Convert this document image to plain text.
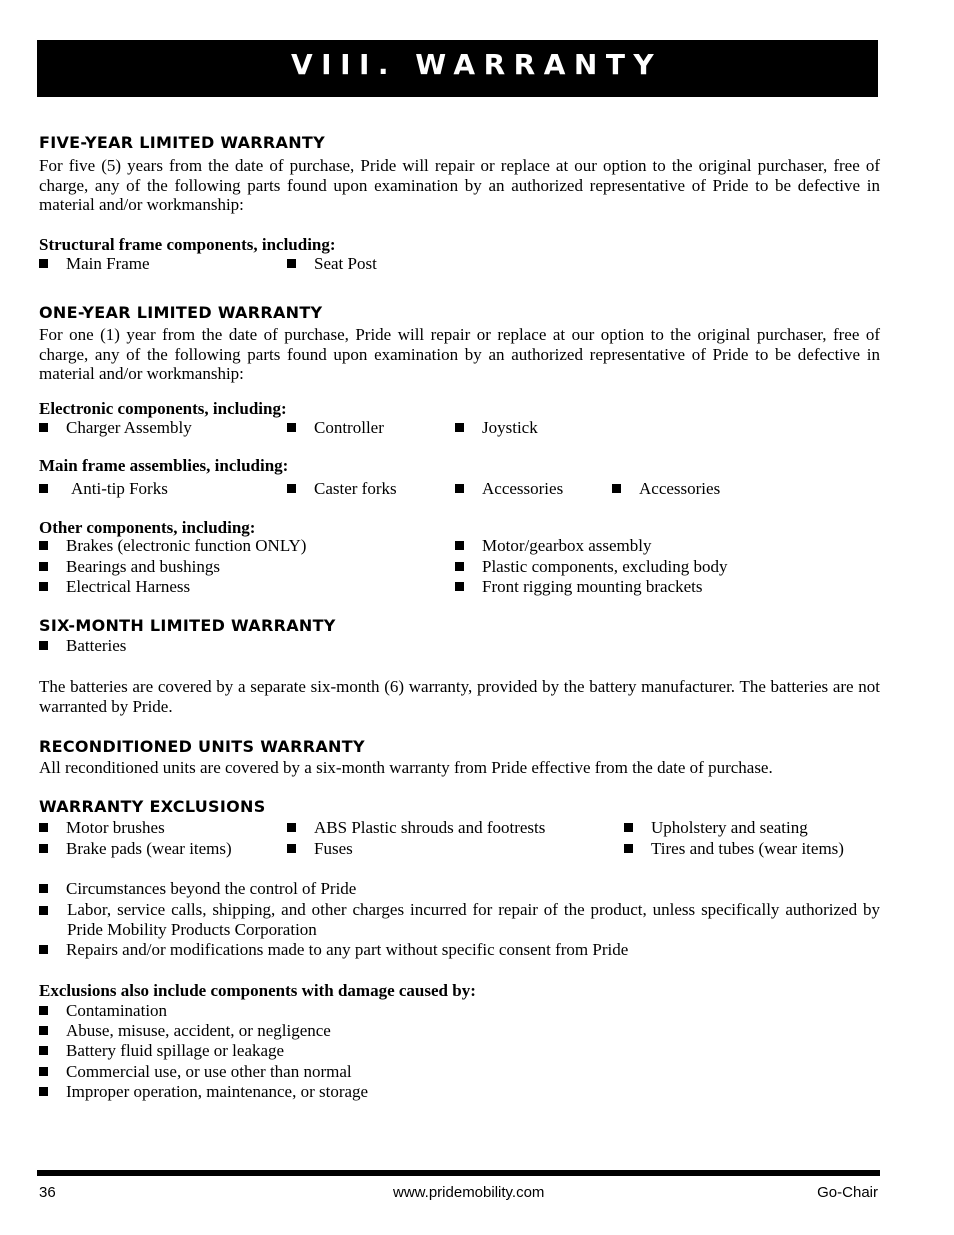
VIII. WARRANTY
FIVE-YEAR LIMITED WARRANTY
For five (5) years from the date of purchase, Pride will repair or replace at our option to the original purchaser, free of charge, any of the following parts found upon examination by an authorized representative of Pride to be defective in material and/or workmanship:
Structural frame components, including:
Main Frame	Seat Post
ONE-YEAR LIMITED WARRANTY
For one (1) year from the date of purchase, Pride will repair or replace at our option to the original purchaser, free of charge, any of the following parts found upon examination by an authorized representative of Pride to be defective in material and/or workmanship:
Electronic components, including:
Charger Assembly	Controller	Joystick
Main frame assemblies, including:
Anti-tip Forks	Caster forks	Accessories	Accessories
Other components, including:
Brakes (electronic function ONLY)
Bearings and bushings
Electrical Harness
Motor/gearbox assembly
Plastic components, excluding body
Front rigging mounting brackets
SIX-MONTH LIMITED WARRANTY
Batteries
The batteries are covered by a separate six-month (6) warranty, provided by the battery manufacturer. The batteries are not warranted by Pride.
RECONDITIONED UNITS WARRANTY
All reconditioned units are covered by a six-month warranty from Pride effective from the date of purchase.
WARRANTY EXCLUSIONS
Motor brushes
Brake pads (wear items)
ABS Plastic shrouds and footrests
Fuses
Upholstery and seating
Tires and tubes (wear items)
Circumstances beyond the control of Pride
Labor, service calls, shipping, and other charges incurred for repair of the product, unless specifically authorized by Pride Mobility Products Corporation
Repairs and/or modifications made to any part without specific consent from Pride
Exclusions also include components with damage caused by:
Contamination
Abuse, misuse, accident, or negligence
Battery fluid spillage or leakage
Commercial use, or use other than normal
Improper operation, maintenance, or storage
36	www.pridemobility.com	Go-Chair
